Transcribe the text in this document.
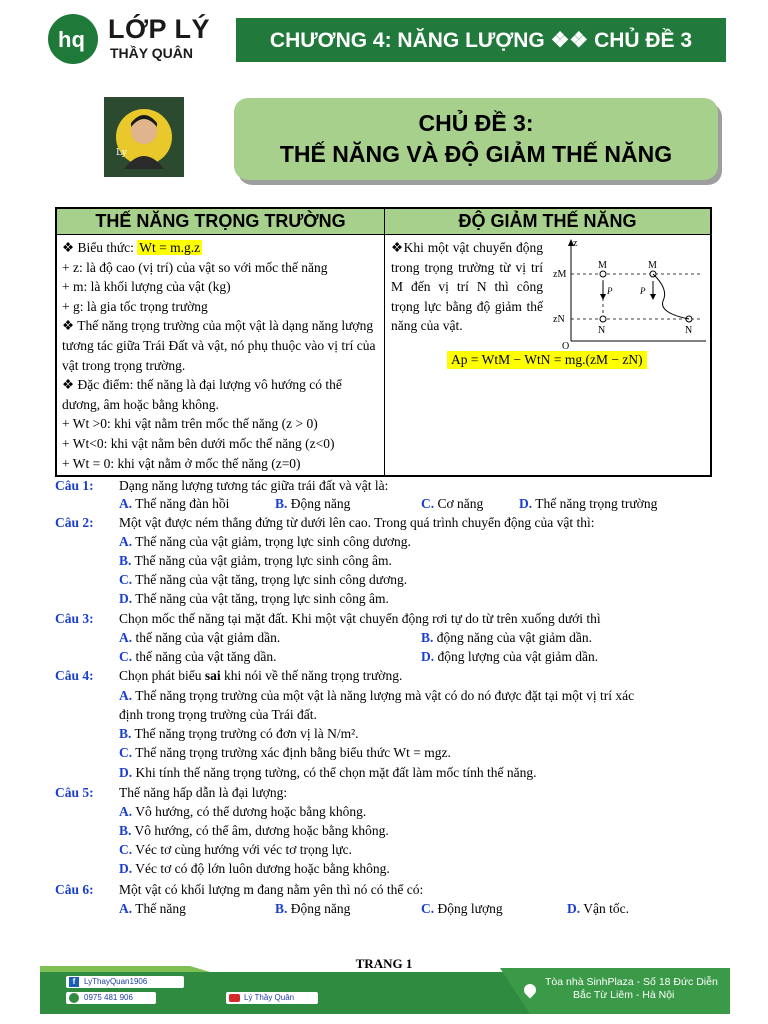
hq LỚP LÝ
THẦY QUÂN
CHƯƠNG 4: NĂNG LƯỢNG ❖❖ CHỦ ĐỀ 3
Ly
CHỦ ĐỀ 3:
THẾ NĂNG VÀ ĐỘ GIẢM THẾ NĂNG
THẾ NĂNG TRỌNG TRƯỜNG	ĐỘ GIẢM THẾ NĂNG
❖ Biểu thức: Wt = m.g.z
+ z: là độ cao (vị trí) của vật so với mốc thế năng
+ m: là khối lượng của vật (kg)
+ g: là gia tốc trọng trường
❖ Thế năng trọng trường của một vật là dạng năng lượng tương tác giữa Trái Đất và vật, nó phụ thuộc vào vị trí của vật trong trọng trường.
❖ Đặc điểm: thế năng là đại lượng vô hướng có thể dương, âm hoặc bằng không.
+ Wt >0: khi vật nằm trên mốc thế năng (z > 0)
+ Wt<0: khi vật nằm bên dưới mốc thế năng (z<0)
+ Wt = 0: khi vật nằm ở mốc thế năng (z=0)
❖Khi một vật chuyển động trong trọng trường từ vị trí M đến vị trí N thì công trọng lực bằng độ giảm thế năng của vật.
z
zM
zN
O
M	M
N	N
P	P
Ap = WtM − WtN = mg.(zM − zN)
Câu 1: Dạng năng lượng tương tác giữa trái đất và vật là:
A. Thế năng đàn hồi	B. Động năng	C. Cơ năng	D. Thế năng trọng trường
Câu 2: Một vật được ném thẳng đứng từ dưới lên cao. Trong quá trình chuyển động của vật thì:
A. Thế năng của vật giảm, trọng lực sinh công dương.
B. Thế năng của vật giảm, trọng lực sinh công âm.
C. Thế năng của vật tăng, trọng lực sinh công dương.
D. Thế năng của vật tăng, trọng lực sinh công âm.
Câu 3: Chọn mốc thế năng tại mặt đất. Khi một vật chuyển động rơi tự do từ trên xuống dưới thì
A. thế năng của vật giảm dần.	B. động năng của vật giảm dần.
C. thế năng của vật tăng dần.	D. động lượng của vật giảm dần.
Câu 4: Chọn phát biểu sai khi nói về thế năng trọng trường.
A. Thế năng trọng trường của một vật là năng lượng mà vật có do nó được đặt tại một vị trí xác
định trong trọng trường của Trái đất.
B. Thế năng trọng trường có đơn vị là N/m².
C. Thế năng trọng trường xác định bằng biểu thức Wt = mgz.
D. Khi tính thế năng trọng tường, có thể chọn mặt đất làm mốc tính thế năng.
Câu 5: Thế năng hấp dẫn là đại lượng:
A. Vô hướng, có thể dương hoặc bằng không.
B. Vô hướng, có thể âm, dương hoặc bằng không.
C. Véc tơ cùng hướng với véc tơ trọng lực.
D. Véc tơ có độ lớn luôn dương hoặc bằng không.
Câu 6: Một vật có khối lượng m đang nằm yên thì nó có thể có:
A. Thế năng	B. Động năng	C. Động lượng	D. Vận tốc.
TRANG 1
f	LyThayQuan1906
0975 481 906	Lý Thầy Quân
Tòa nhà SinhPlaza - Số 18 Đức Diễn
Bắc Từ Liêm - Hà Nội
